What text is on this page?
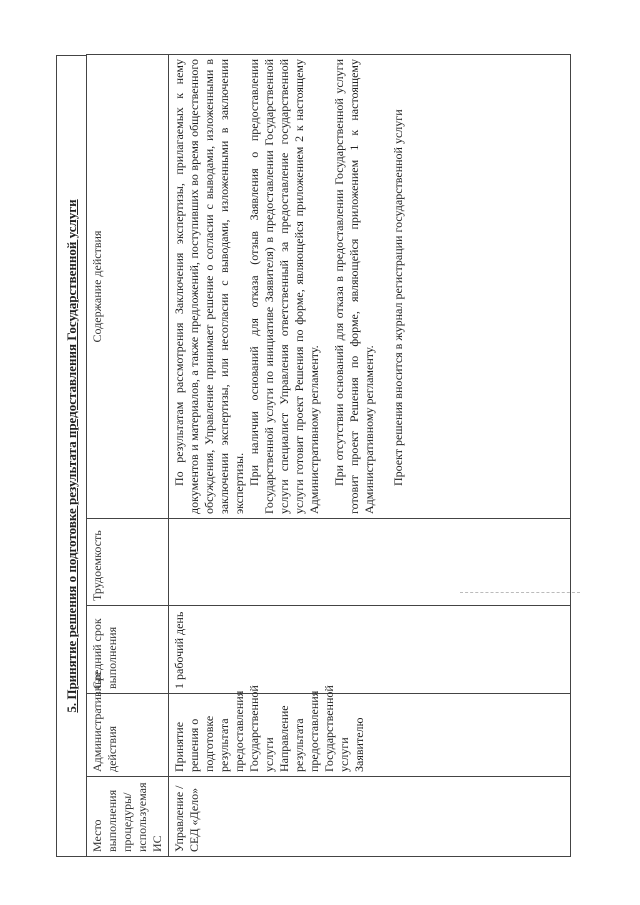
5. Принятие решения о подготовке результата предоставления Государственной услуги
Место выполнения процедуры/используемая ИС	Административные действия	Средний срок выполнения	Трудоемкость	Содержание действия
Управление /СЕД «Дело»	Принятие решения о подготовке результата предоставления Государственной услуги Направление результата предоставления Государственной услуги Заявителю	1 рабочий день		По результатам рассмотрения Заключения экспертизы, прилагаемых к нему документов и материалов, а также предложений, поступивших во время общественного обсуждения, Управление принимает решение о согласии с выводами, изложенными в заключении экспертизы, или несогласии с выводами, изложенными в заключении экспертизы. При наличии оснований для отказа (отзыв Заявления о предоставлении Государственной услуги по инициативе Заявителя) в предоставлении Государственной услуги специалист Управления ответственный за предоставление государственной услуги готовит проект Решения по форме, являющейся приложением 2 к настоящему Административному регламенту. При отсутствии оснований для отказа в предоставлении Государственной услуги готовит проект Решения по форме, являющейся приложением 1 к настоящему Административному регламенту. Проект решения вносится в журнал регистрации государственной услуги
